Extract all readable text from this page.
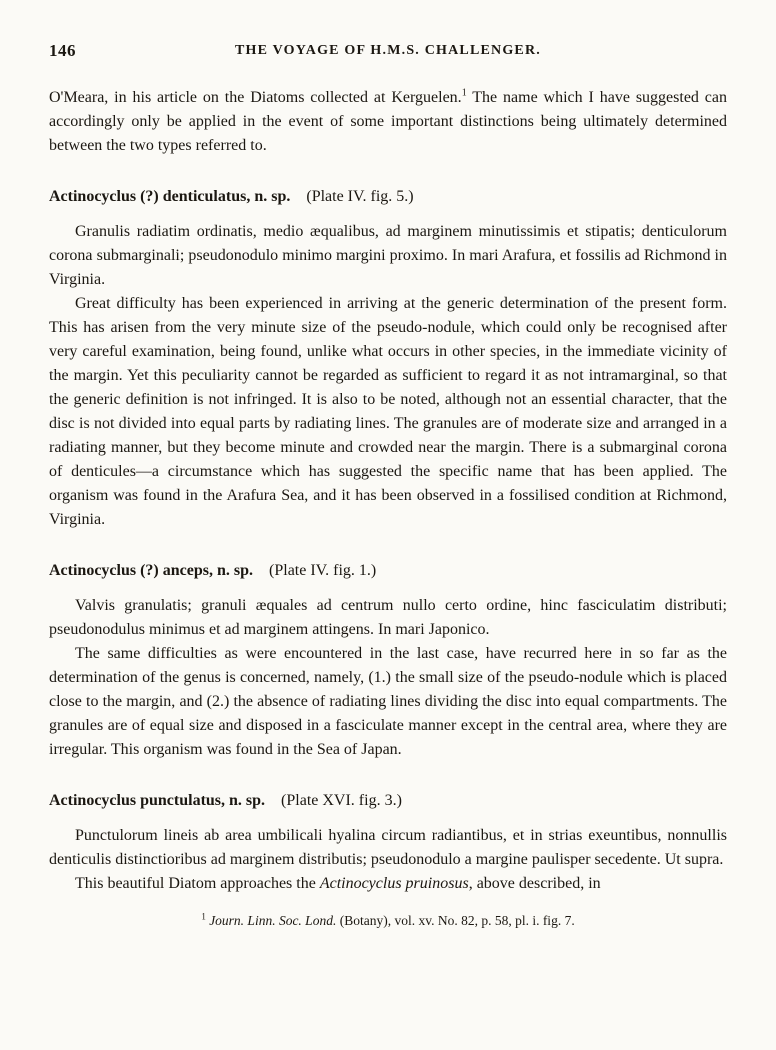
146	THE VOYAGE OF H.M.S. CHALLENGER.

O'Meara, in his article on the Diatoms collected at Kerguelen.$^1$ The name which I have suggested can accordingly only be applied in the event of some important distinctions being ultimately determined between the two types referred to.

Actinocyclus (?) denticulatus, n. sp. (Plate IV. fig. 5.)

Granulis radiatim ordinatis, medio æqualibus, ad marginem minutissimis et stipatis; denticulorum corona submarginali; pseudonodulo minimo margini proximo. In mari Arafura, et fossilis ad Richmond in Virginia.

Great difficulty has been experienced in arriving at the generic determination of the present form. This has arisen from the very minute size of the pseudo-nodule, which could only be recognised after very careful examination, being found, unlike what occurs in other species, in the immediate vicinity of the margin. Yet this peculiarity cannot be regarded as sufficient to regard it as not intramarginal, so that the generic definition is not infringed. It is also to be noted, although not an essential character, that the disc is not divided into equal parts by radiating lines. The granules are of moderate size and arranged in a radiating manner, but they become minute and crowded near the margin. There is a submarginal corona of denticules—a circumstance which has suggested the specific name that has been applied. The organism was found in the Arafura Sea, and it has been observed in a fossilised condition at Richmond, Virginia.

Actinocyclus (?) anceps, n. sp. (Plate IV. fig. 1.)

Valvis granulatis; granuli æquales ad centrum nullo certo ordine, hinc fasciculatim distributi; pseudonodulus minimus et ad marginem attingens. In mari Japonico.

The same difficulties as were encountered in the last case, have recurred here in so far as the determination of the genus is concerned, namely, (1.) the small size of the pseudo-nodule which is placed close to the margin, and (2.) the absence of radiating lines dividing the disc into equal compartments. The granules are of equal size and disposed in a fasciculate manner except in the central area, where they are irregular. This organism was found in the Sea of Japan.

Actinocyclus punctulatus, n. sp. (Plate XVI. fig. 3.)

Punctulorum lineis ab area umbilicali hyalina circum radiantibus, et in strias exeuntibus, nonnullis denticulis distinctioribus ad marginem distributis; pseudonodulo a margine paulisper secedente. Ut supra.

This beautiful Diatom approaches the Actinocyclus pruinosus, above described, in

$^1$ Journ. Linn. Soc. Lond. (Botany), vol. xv. No. 82, p. 58, pl. i. fig. 7.
